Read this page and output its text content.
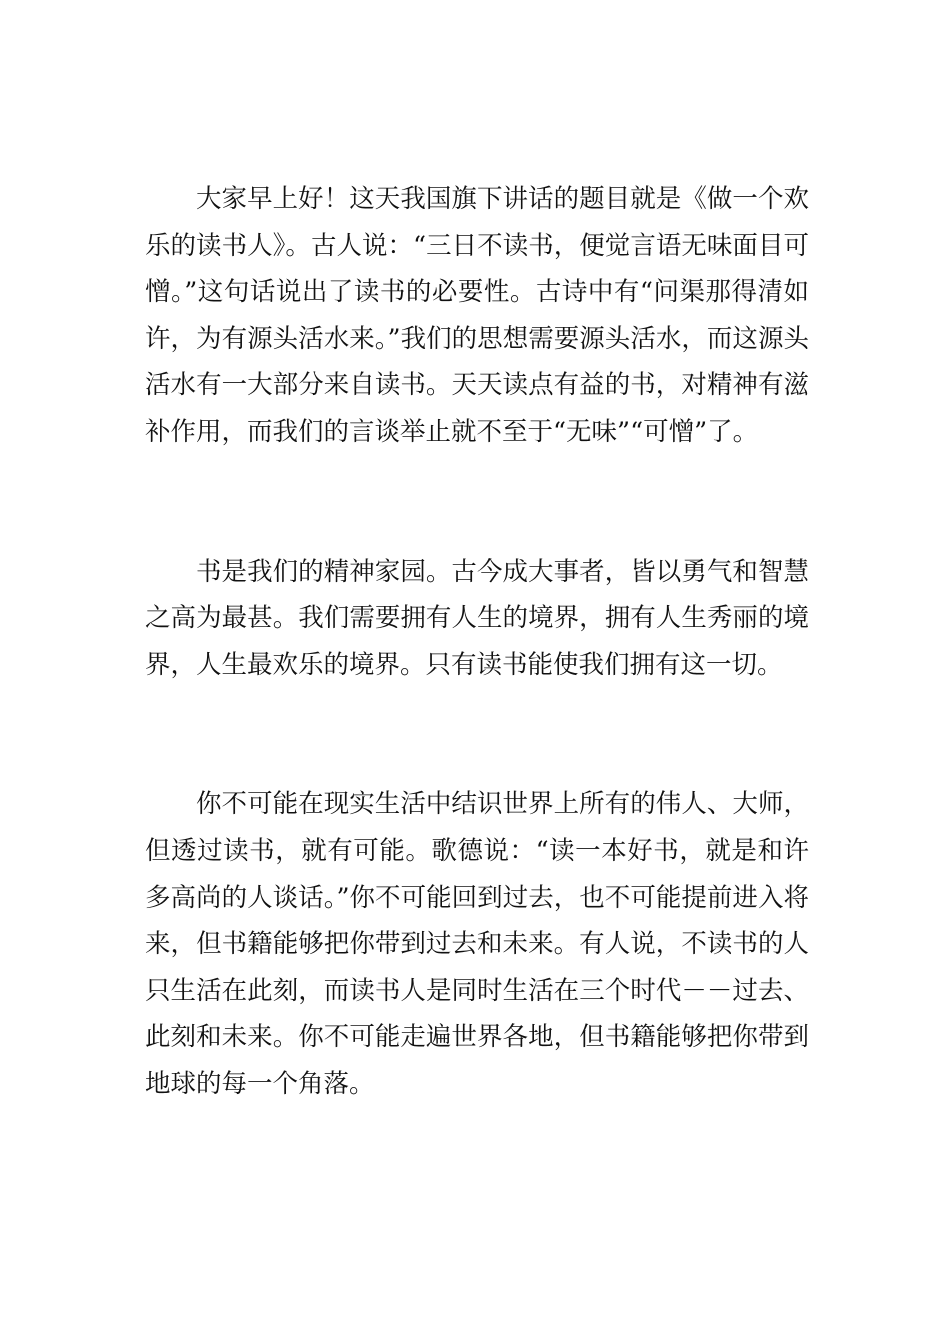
大家早上好！这天我国旗下讲话的题目就是《做一个欢乐的读书人》。古人说：“三日不读书，便觉言语无味面目可憎。”这句话说出了读书的必要性。古诗中有“问渠那得清如许，为有源头活水来。”我们的思想需要源头活水，而这源头活水有一大部分来自读书。天天读点有益的书，对精神有滋补作用，而我们的言谈举止就不至于“无味”“可憎”了。

书是我们的精神家园。古今成大事者，皆以勇气和智慧之高为最甚。我们需要拥有人生的境界，拥有人生秀丽的境界，人生最欢乐的境界。只有读书能使我们拥有这一切。

你不可能在现实生活中结识世界上所有的伟人、大师，但透过读书，就有可能。歌德说：“读一本好书，就是和许多高尚的人谈话。”你不可能回到过去，也不可能提前进入将来，但书籍能够把你带到过去和未来。有人说，不读书的人只生活在此刻，而读书人是同时生活在三个时代－－过去、此刻和未来。你不可能走遍世界各地，但书籍能够把你带到地球的每一个角落。
